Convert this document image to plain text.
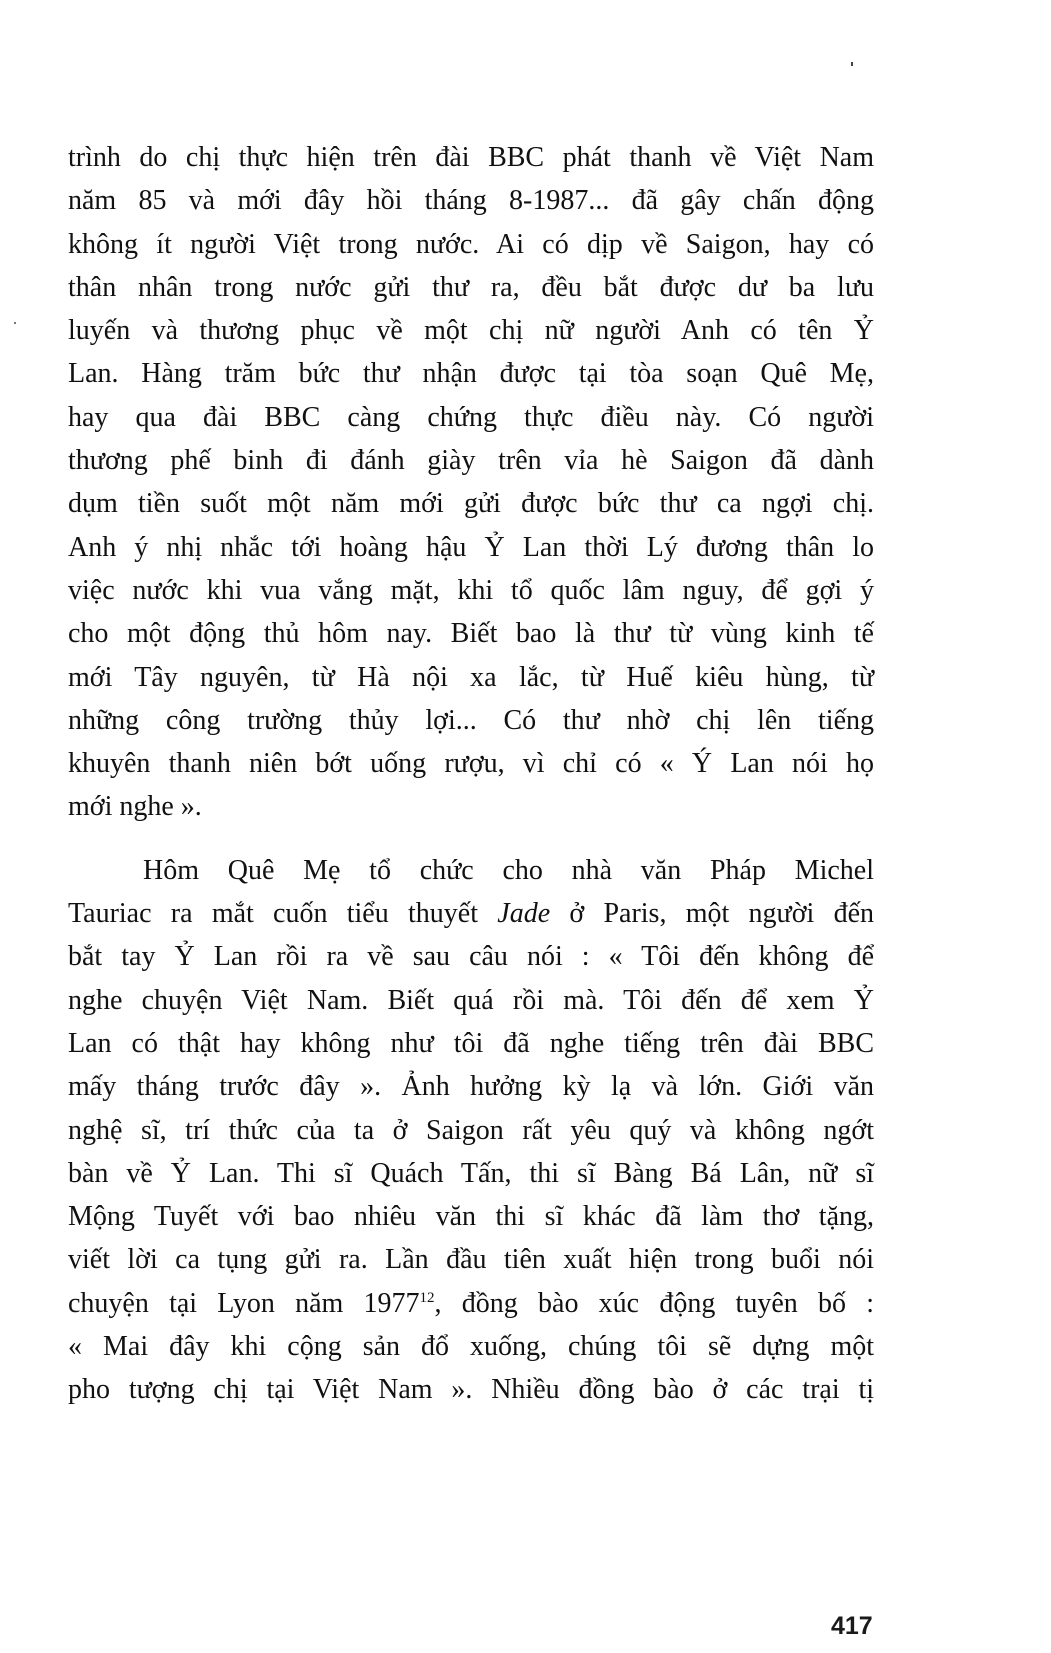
trình do chị thực hiện trên đài BBC phát thanh về Việt Nam
năm 85 và mới đây hồi tháng 8-1987... đã gây chấn động
không ít người Việt trong nước. Ai có dịp về Saigon, hay có
thân nhân trong nước gửi thư ra, đều bắt được dư ba lưu
luyến và thương phục về một chị nữ người Anh có tên Ỷ
Lan. Hàng trăm bức thư nhận được tại tòa soạn Quê Mẹ,
hay qua đài BBC càng chứng thực điều này. Có người
thương phế binh đi đánh giày trên vỉa hè Saigon đã dành
dụm tiền suốt một năm mới gửi được bức thư ca ngợi chị.
Anh ý nhị nhắc tới hoàng hậu Ỷ Lan thời Lý đương thân lo
việc nước khi vua vắng mặt, khi tổ quốc lâm nguy, để gợi ý
cho một động thủ hôm nay. Biết bao là thư từ vùng kinh tế
mới Tây nguyên, từ Hà nội xa lắc, từ Huế kiêu hùng, từ
những công trường thủy lợi... Có thư nhờ chị lên tiếng
khuyên thanh niên bớt uống rượu, vì chỉ có « Ý Lan nói họ
mới nghe ».
Hôm Quê Mẹ tổ chức cho nhà văn Pháp Michel
Tauriac ra mắt cuốn tiểu thuyết Jade ở Paris, một người đến
bắt tay Ỷ Lan rồi ra về sau câu nói : « Tôi đến không để
nghe chuyện Việt Nam. Biết quá rồi mà. Tôi đến để xem Ỷ
Lan có thật hay không như tôi đã nghe tiếng trên đài BBC
mấy tháng trước đây ». Ảnh hưởng kỳ lạ và lớn. Giới văn
nghệ sĩ, trí thức của ta ở Saigon rất yêu quý và không ngớt
bàn về Ỷ Lan. Thi sĩ Quách Tấn, thi sĩ Bàng Bá Lân, nữ sĩ
Mộng Tuyết với bao nhiêu văn thi sĩ khác đã làm thơ tặng,
viết lời ca tụng gửi ra. Lần đầu tiên xuất hiện trong buổi nói
chuyện tại Lyon năm 1977$^{12}$, đồng bào xúc động tuyên bố :
« Mai đây khi cộng sản đổ xuống, chúng tôi sẽ dựng một
pho tượng chị tại Việt Nam ». Nhiều đồng bào ở các trại tị
417
